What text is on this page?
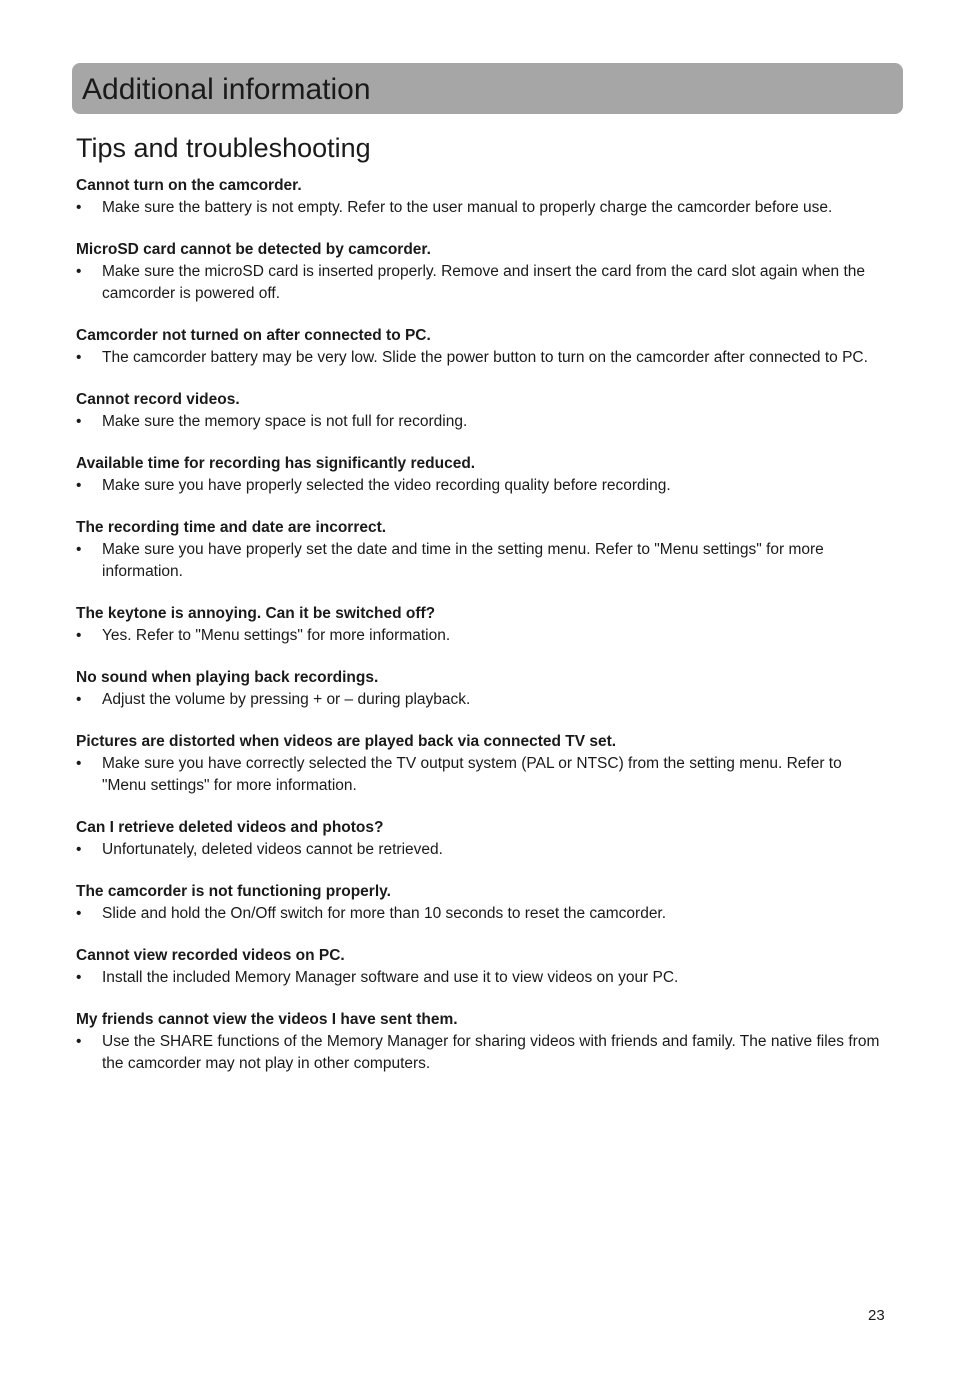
Additional information
Tips and troubleshooting
Cannot turn on the camcorder.
• Make sure the battery is not empty. Refer to the user manual to properly charge the camcorder before use.
MicroSD card cannot be detected by camcorder.
• Make sure the microSD card is inserted properly. Remove and insert the card from the card slot again when the camcorder is powered off.
Camcorder not turned on after connected to PC.
• The camcorder battery may be very low. Slide the power button to turn on the camcorder after connected to PC.
Cannot record videos.
• Make sure the memory space is not full for recording.
Available time for recording has significantly reduced.
• Make sure you have properly selected the video recording quality before recording.
The recording time and date are incorrect.
• Make sure you have properly set the date and time in the setting menu. Refer to "Menu settings" for more information.
The keytone is annoying. Can it be switched off?
• Yes. Refer to "Menu settings" for more information.
No sound when playing back recordings.
• Adjust the volume by pressing + or – during playback.
Pictures are distorted when videos are played back via connected TV set.
• Make sure you have correctly selected the TV output system (PAL or NTSC) from the setting menu. Refer to "Menu settings" for more information.
Can I retrieve deleted videos and photos?
• Unfortunately, deleted videos cannot be retrieved.
The camcorder is not functioning properly.
• Slide and hold the On/Off switch for more than 10 seconds to reset the camcorder.
Cannot view recorded videos on PC.
• Install the included Memory Manager software and use it to view videos on your PC.
My friends cannot view the videos I have sent them.
• Use the SHARE functions of the Memory Manager for sharing videos with friends and family. The native files from the camcorder may not play in other computers.
23
